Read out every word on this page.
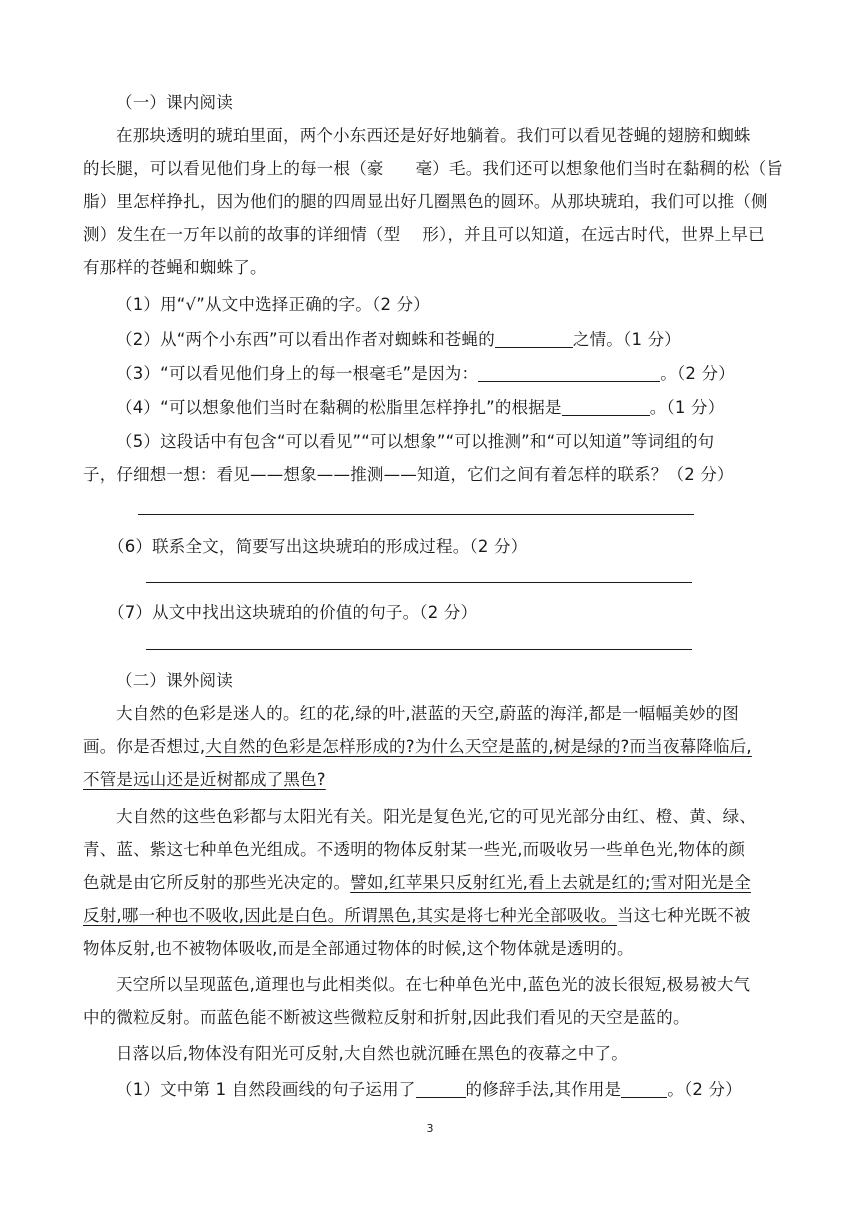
（一）课内阅读
在那块透明的琥珀里面，两个小东西还是好好地躺着。我们可以看见苍蝇的翅膀和蜘蛛
的长腿，可以看见他们身上的每一根（豪 毫）毛。我们还可以想象他们当时在黏稠的松（旨
脂）里怎样挣扎，因为他们的腿的四周显出好几圈黑色的圆环。从那块琥珀，我们可以推（侧
测）发生在一万年以前的故事的详细情（型 形），并且可以知道，在远古时代，世界上早已
有那样的苍蝇和蜘蛛了。
（1）用“√”从文中选择正确的字。（2 分）
（2）从“两个小东西”可以看出作者对蜘蛛和苍蝇的	之情。（1 分）
（3）“可以看见他们身上的每一根毫毛”是因为：	。（2 分）
（4）“可以想象他们当时在黏稠的松脂里怎样挣扎”的根据是	。（1 分）
（5）这段话中有包含“可以看见”“可以想象”“可以推测”和“可以知道”等词组的句
子，仔细想一想：看见——想象——推测——知道，它们之间有着怎样的联系？（2 分）
（6）联系全文，简要写出这块琥珀的形成过程。（2 分）
（7）从文中找出这块琥珀的价值的句子。（2 分）
（二）课外阅读
大自然的色彩是迷人的。红的花,绿的叶,湛蓝的天空,蔚蓝的海洋,都是一幅幅美妙的图
画。你是否想过,大自然的色彩是怎样形成的?为什么天空是蓝的,树是绿的?而当夜幕降临后,
不管是远山还是近树都成了黑色?
大自然的这些色彩都与太阳光有关。阳光是复色光,它的可见光部分由红、橙、黄、绿、
青、蓝、紫这七种单色光组成。不透明的物体反射某一些光,而吸收另一些单色光,物体的颜
色就是由它所反射的那些光决定的。譬如,红苹果只反射红光,看上去就是红的;雪对阳光是全
反射,哪一种也不吸收,因此是白色。所谓黑色,其实是将七种光全部吸收。当这七种光既不被
物体反射,也不被物体吸收,而是全部通过物体的时候,这个物体就是透明的。
天空所以呈现蓝色,道理也与此相类似。在七种单色光中,蓝色光的波长很短,极易被大气
中的微粒反射。而蓝色能不断被这些微粒反射和折射,因此我们看见的天空是蓝的。
日落以后,物体没有阳光可反射,大自然也就沉睡在黑色的夜幕之中了。
（1）文中第 1 自然段画线的句子运用了	的修辞手法,其作用是	。（2 分）
3
